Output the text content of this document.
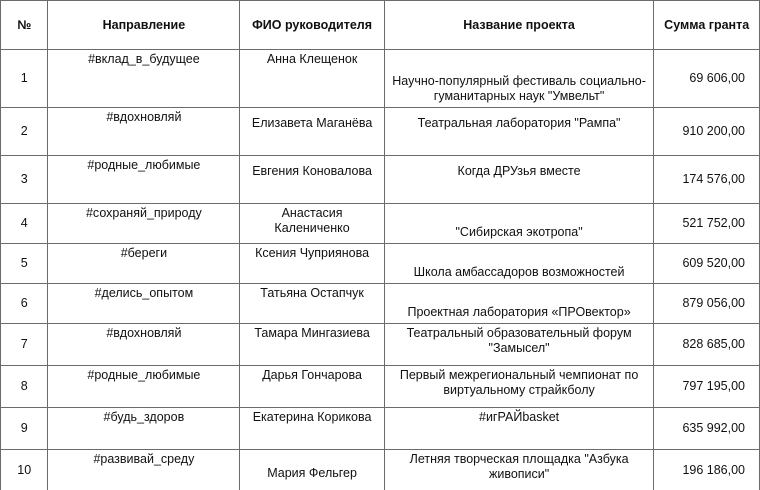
№	Направление	ФИО руководителя	Название проекта	Сумма гранта
1	#вклад_в_будущее	Анна Клещенок	Научно-популярный фестиваль социально-гуманитарных наук "Умвельт"	69 606,00
2	#вдохновляй	Елизавета Маганёва	Театральная лаборатория "Рампа"	910 200,00
3	#родные_любимые	Евгения Коновалова	Когда ДРУзья вместе	174 576,00
4	#сохраняй_природу	Анастасия Калениченко	"Сибирская экотропа"	521 752,00
5	#береги	Ксения Чуприянова	Школа амбассадоров возможностей	609 520,00
6	#делись_опытом	Татьяна Остапчук	Проектная лаборатория «ПРОвектор»	879 056,00
7	#вдохновляй	Тамара Мингазиева	Театральный образовательный форум "Замысел"	828 685,00
8	#родные_любимые	Дарья Гончарова	Первый межрегиональный чемпионат по виртуальному страйкболу	797 195,00
9	#будь_здоров	Екатерина Корикова	#игРАЙbasket	635 992,00
10	#развивай_среду	Мария Фельгер	Летняя творческая площадка "Азбука живописи"	196 186,00
